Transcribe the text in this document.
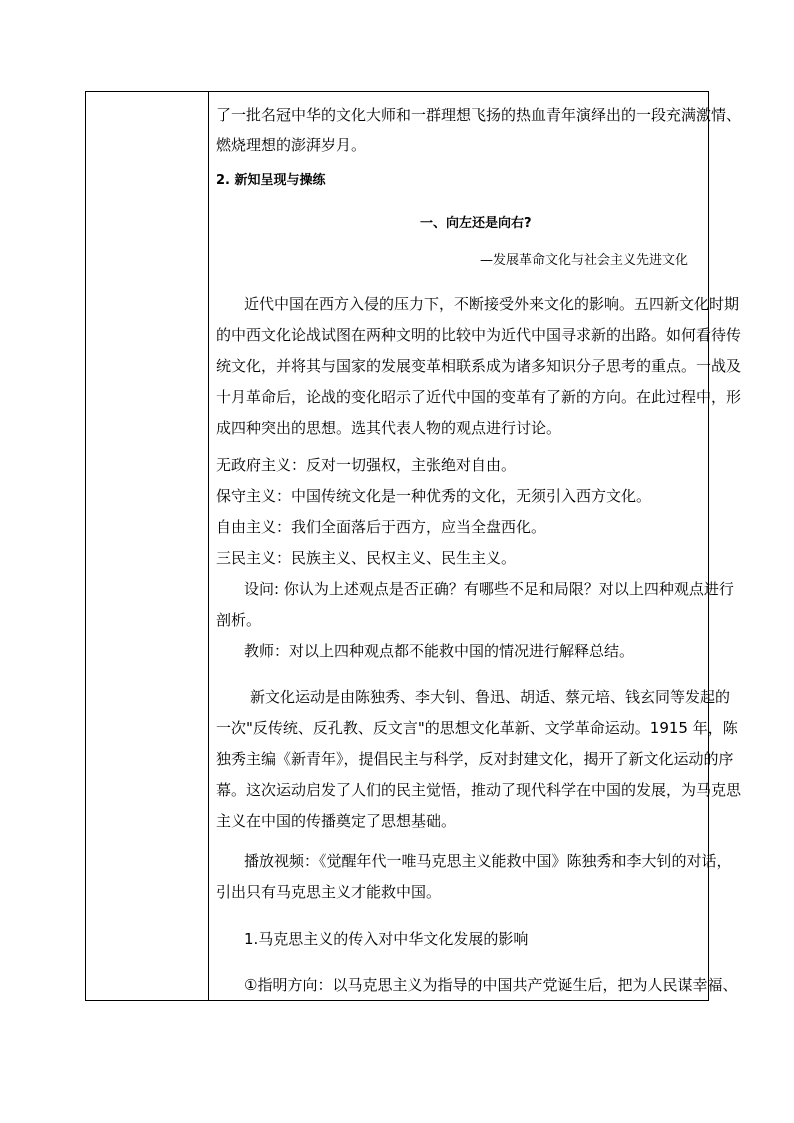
了一批名冠中华的文化大师和一群理想飞扬的热血青年演绎出的一段充满激情、
燃烧理想的澎湃岁月。
2. 新知呈现与操练
一、向左还是向右?
—发展革命文化与社会主义先进文化
近代中国在西方入侵的压力下，不断接受外来文化的影响。五四新文化时期
的中西文化论战试图在两种文明的比较中为近代中国寻求新的出路。如何看待传
统文化，并将其与国家的发展变革相联系成为诸多知识分子思考的重点。一战及
十月革命后，论战的变化昭示了近代中国的变革有了新的方向。在此过程中，形
成四种突出的思想。选其代表人物的观点进行讨论。
无政府主义：反对一切强权，主张绝对自由。
保守主义：中国传统文化是一种优秀的文化，无须引入西方文化。
自由主义：我们全面落后于西方，应当全盘西化。
三民主义：民族主义、民权主义、民生主义。
设问: 你认为上述观点是否正确？有哪些不足和局限？对以上四种观点进行
剖析。
教师：对以上四种观点都不能救中国的情况进行解释总结。
新文化运动是由陈独秀、李大钊、鲁迅、胡适、蔡元培、钱玄同等发起的
一次"反传统、反孔教、反文言"的思想文化革新、文学革命运动。1915 年，陈
独秀主编《新青年》，提倡民主与科学，反对封建文化，揭开了新文化运动的序
幕。这次运动启发了人们的民主觉悟，推动了现代科学在中国的发展，为马克思
主义在中国的传播奠定了思想基础。
播放视频：《觉醒年代一唯马克思主义能救中国》陈独秀和李大钊的对话，
引出只有马克思主义才能救中国。
1.马克思主义的传入对中华文化发展的影响
①指明方向：以马克思主义为指导的中国共产党诞生后，把为人民谋幸福、
